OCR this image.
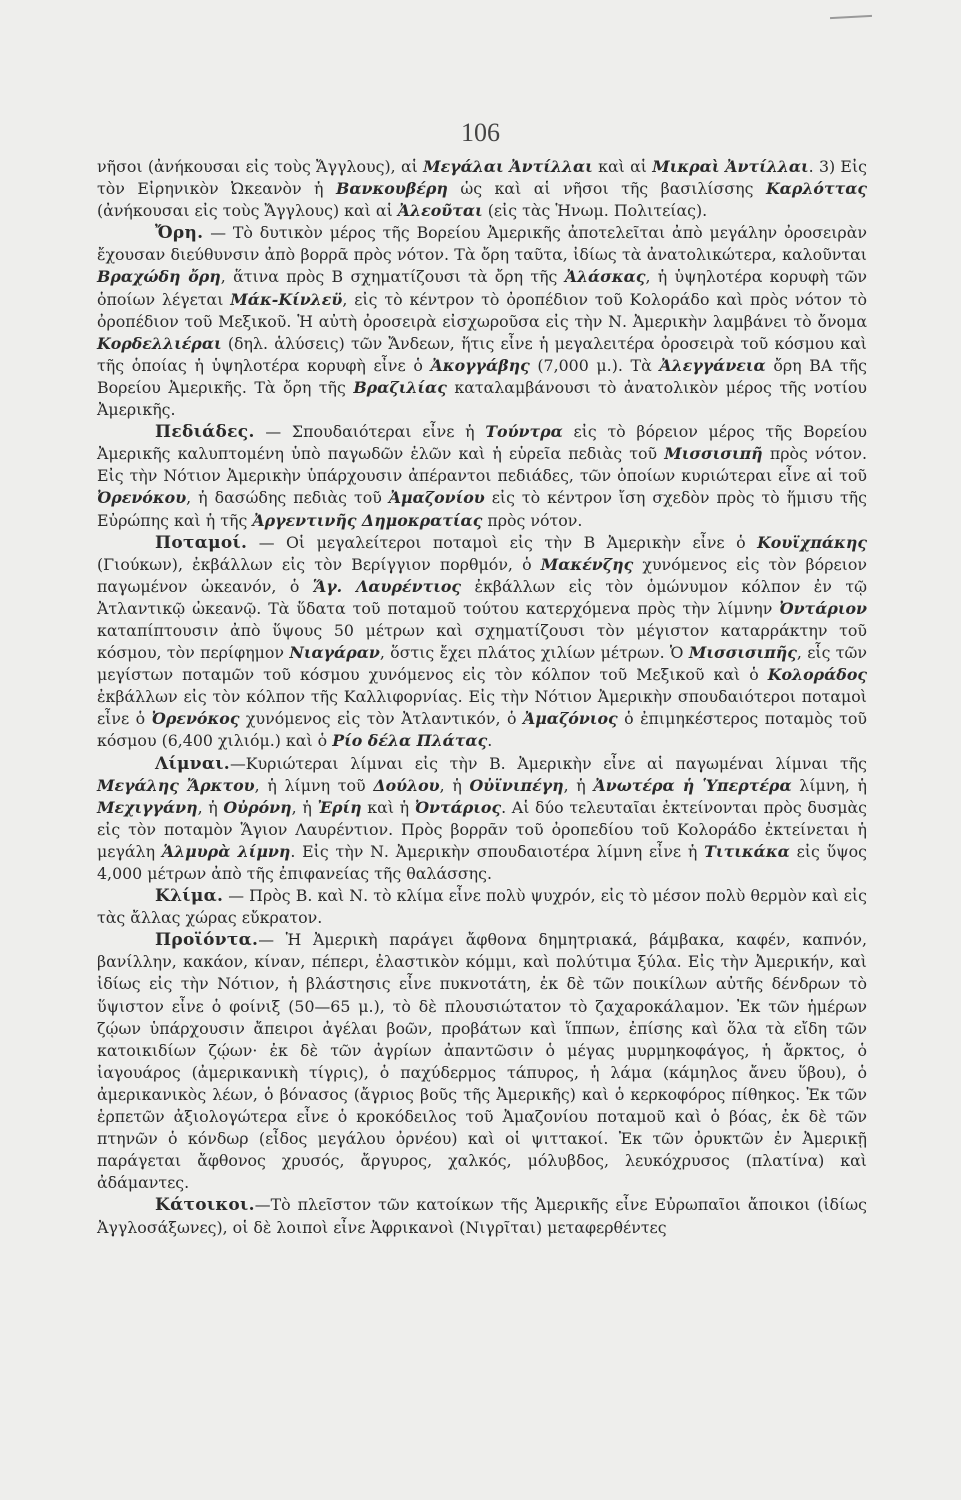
106

νῆσοι (ἀνήκουσαι εἰς τοὺς Ἄγγλους), αἱ Μεγάλαι Ἀντίλλαι καὶ αἱ Μικραὶ Ἀντίλλαι. 3) Εἰς τὸν Εἰρηνικὸν Ὠκεανὸν ἡ Βανκουβέρη ὡς καὶ αἱ νῆσοι τῆς βασιλίσσης Καρλόττας (ἀνήκουσαι εἰς τοὺς Ἄγγλους) καὶ αἱ Ἀλεοῦται (εἰς τὰς Ἡνωμ. Πολιτείας).

Ὄρη. — Τὸ δυτικὸν μέρος τῆς Βορείου Ἀμερικῆς ἀποτελεῖται ἀπὸ μεγάλην ὀροσειρὰν ἔχουσαν διεύθυνσιν ἀπὸ βορρᾶ πρὸς νότον. Τὰ ὄρη ταῦτα, ἰδίως τὰ ἀνατολικώτερα, καλοῦνται Βραχώδη ὄρη, ἅτινα πρὸς Β σχηματίζουσι τὰ ὄρη τῆς Ἀλάσκας, ἡ ὑψηλοτέρα κορυφὴ τῶν ὁποίων λέγεται Μάκ-Κίνλεϋ, εἰς τὸ κέντρον τὸ ὀροπέδιον τοῦ Κολοράδο καὶ πρὸς νότον τὸ ὀροπέδιον τοῦ Μεξικοῦ. Ἡ αὐτὴ ὀροσειρὰ εἰσχωροῦσα εἰς τὴν Ν. Ἀμερικὴν λαμβάνει τὸ ὄνομα Κορδελλιέραι (δηλ. ἁλύσεις) τῶν Ἄνδεων, ἥτις εἶνε ἡ μεγαλειτέρα ὀροσειρὰ τοῦ κόσμου καὶ τῆς ὁποίας ἡ ὑψηλοτέρα κορυφὴ εἶνε ὁ Ἀκογγάβης (7,000 μ.). Τὰ Ἀλεγγάνεια ὄρη ΒΑ τῆς Βορείου Ἀμερικῆς. Τὰ ὄρη τῆς Βραζιλίας καταλαμβάνουσι τὸ ἀνατολικὸν μέρος τῆς νοτίου Ἀμερικῆς.

Πεδιάδες. — Σπουδαιότεραι εἶνε ἡ Τούντρα εἰς τὸ βόρειον μέρος τῆς Βορείου Ἀμερικῆς καλυπτομένη ὑπὸ παγωδῶν ἑλῶν καὶ ἡ εὑρεῖα πεδιὰς τοῦ Μισσισιπῆ πρὸς νότον. Εἰς τὴν Νότιον Ἀμερικὴν ὑπάρχουσιν ἀπέραντοι πεδιάδες, τῶν ὁποίων κυριώτεραι εἶνε αἱ τοῦ Ὀρενόκου, ἡ δασώδης πεδιὰς τοῦ Ἀμαζονίου εἰς τὸ κέντρον ἴση σχεδὸν πρὸς τὸ ἥμισυ τῆς Εὐρώπης καὶ ἡ τῆς Ἀργεντινῆς Δημοκρατίας πρὸς νότον.

Ποταμοί. — Οἱ μεγαλείτεροι ποταμοὶ εἰς τὴν Β Ἀμερικὴν εἶνε ὁ Κουϊχπάκης (Γιούκων), ἐκβάλλων εἰς τὸν Βερίγγιον πορθμόν, ὁ Μακένζης χυνόμενος εἰς τὸν βόρειον παγωμένον ὠκεανόν, ὁ Ἅγ. Λαυρέντιος ἐκβάλλων εἰς τὸν ὁμώνυμον κόλπον ἐν τῷ Ἀτλαντικῷ ὠκεανῷ. Τὰ ὕδατα τοῦ ποταμοῦ τούτου κατερχόμενα πρὸς τὴν λίμνην Ὀντάριον καταπίπτουσιν ἀπὸ ὕψους 50 μέτρων καὶ σχηματίζουσι τὸν μέγιστον καταρράκτην τοῦ κόσμου, τὸν περίφημον Νιαγάραν, ὅστις ἔχει πλάτος χιλίων μέτρων. Ὁ Μισσισιπῆς, εἷς τῶν μεγίστων ποταμῶν τοῦ κόσμου χυνόμενος εἰς τὸν κόλπον τοῦ Μεξικοῦ καὶ ὁ Κολοράδος ἐκβάλλων εἰς τὸν κόλπον τῆς Καλλιφορνίας. Εἰς τὴν Νότιον Ἀμερικὴν σπουδαιότεροι ποταμοὶ εἶνε ὁ Ὀρενόκος χυνόμενος εἰς τὸν Ἀτλαντικόν, ὁ Ἀμαζόνιος ὁ ἐπιμηκέστερος ποταμὸς τοῦ κόσμου (6,400 χιλιόμ.) καὶ ὁ Ρίο δέλα Πλάτας.

Λίμναι.—Κυριώτεραι λίμναι εἰς τὴν Β. Ἀμερικὴν εἶνε αἱ παγωμέναι λίμναι τῆς Μεγάλης Ἄρκτου, ἡ λίμνη τοῦ Δούλου, ἡ Οὐϊνιπέγη, ἡ Ἀνωτέρα ἡ Ὑπερτέρα λίμνη, ἡ Μεχιγγάνη, ἡ Οὐρόνη, ἡ Ἐρίη καὶ ἡ Ὀντάριος. Αἱ δύο τελευταῖαι ἐκτείνονται πρὸς δυσμὰς εἰς τὸν ποταμὸν Ἅγιον Λαυρέντιον. Πρὸς βορρᾶν τοῦ ὀροπεδίου τοῦ Κολοράδο ἐκτείνεται ἡ μεγάλη Ἁλμυρὰ λίμνη. Εἰς τὴν Ν. Ἀμερικὴν σπουδαιοτέρα λίμνη εἶνε ἡ Τιτικάκα εἰς ὕψος 4,000 μέτρων ἀπὸ τῆς ἐπιφανείας τῆς θαλάσσης.

Κλίμα. — Πρὸς Β. καὶ Ν. τὸ κλίμα εἶνε πολὺ ψυχρόν, εἰς τὸ μέσον πολὺ θερμὸν καὶ εἰς τὰς ἄλλας χώρας εὔκρατον.

Προϊόντα.— Ἡ Ἀμερικὴ παράγει ἄφθονα δημητριακά, βάμβακα, καφέν, καπνόν, βανίλλην, κακάον, κίναν, πέπερι, ἐλαστικὸν κόμμι, καὶ πολύτιμα ξύλα. Εἰς τὴν Ἀμερικήν, καὶ ἰδίως εἰς τὴν Νότιον, ἡ βλάστησις εἶνε πυκνοτάτη, ἐκ δὲ τῶν ποικίλων αὐτῆς δένδρων τὸ ὕψιστον εἶνε ὁ φοίνιξ (50—65 μ.), τὸ δὲ πλουσιώτατον τὸ ζαχαροκάλαμον. Ἐκ τῶν ἡμέρων ζῴων ὑπάρχουσιν ἄπειροι ἀγέλαι βοῶν, προβάτων καὶ ἵππων, ἐπίσης καὶ ὅλα τὰ εἴδη τῶν κατοικιδίων ζῴων· ἐκ δὲ τῶν ἀγρίων ἀπαντῶσιν ὁ μέγας μυρμηκοφάγος, ἡ ἄρκτος, ὁ ἰαγουάρος (ἀμερικανικὴ τίγρις), ὁ παχύδερμος τάπυρος, ἡ λάμα (κάμηλος ἄνευ ὕβου), ὁ ἀμερικανικὸς λέων, ὁ βόνασος (ἄγριος βοῦς τῆς Ἀμερικῆς) καὶ ὁ κερκοφόρος πίθηκος. Ἐκ τῶν ἑρπετῶν ἀξιολογώτερα εἶνε ὁ κροκόδειλος τοῦ Ἀμαζονίου ποταμοῦ καὶ ὁ βόας, ἐκ δὲ τῶν πτηνῶν ὁ κόνδωρ (εἶδος μεγάλου ὀρνέου) καὶ οἱ ψιττακοί. Ἐκ τῶν ὀρυκτῶν ἐν Ἀμερικῇ παράγεται ἄφθονος χρυσός, ἄργυρος, χαλκός, μόλυβδος, λευκόχρυσος (πλατίνα) καὶ ἀδάμαντες.

Κάτοικοι.—Τὸ πλεῖστον τῶν κατοίκων τῆς Ἀμερικῆς εἶνε Εὐρωπαῖοι ἄποικοι (ἰδίως Ἀγγλοσάξωνες), οἱ δὲ λοιποὶ εἶνε Ἀφρικανοὶ (Νιγρῖται) μεταφερθέντες
